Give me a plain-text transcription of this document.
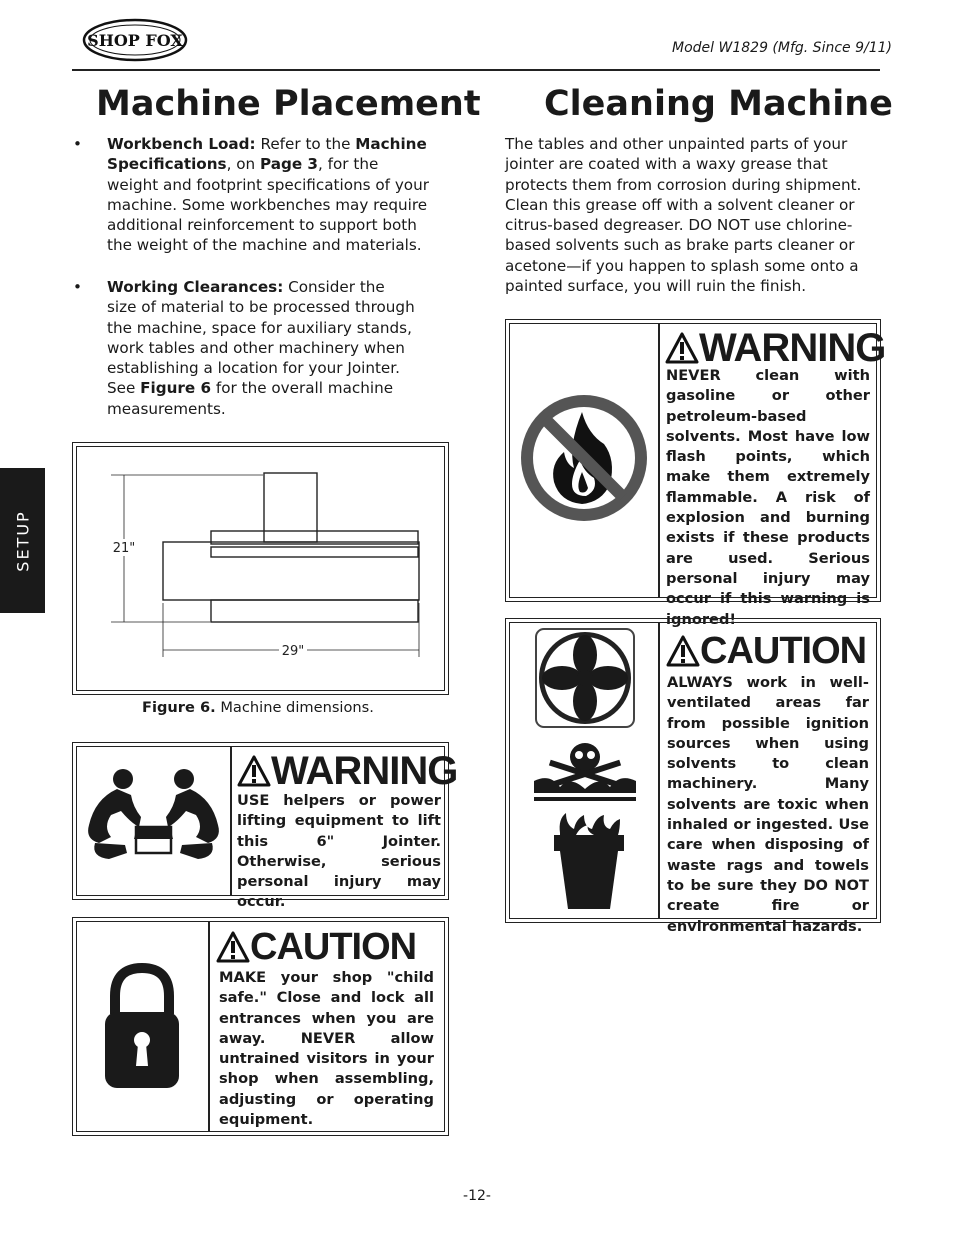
SHOP FOX	Model W1829 (Mfg. Since 9/11)
SETUP
Machine Placement
• Workbench Load: Refer to the Machine Specifications, on Page 3, for the weight and footprint specifications of your machine. Some workbenches may require additional reinforcement to support both the weight of the machine and materials.
• Working Clearances: Consider the size of material to be processed through the machine, space for auxiliary stands, work tables and other machinery when establishing a location for your Jointer. See Figure 6 for the overall machine measurements.
21"
29"
Figure 6. Machine dimensions.
WARNING
USE helpers or power lifting equipment to lift this 6" Jointer. Otherwise, serious personal injury may occur.
CAUTION
MAKE your shop "child safe." Close and lock all entrances when you are away. NEVER allow untrained visitors in your shop when assembling, adjusting or operating equipment.
Cleaning Machine
The tables and other unpainted parts of your jointer are coated with a waxy grease that protects them from corrosion during shipment. Clean this grease off with a solvent cleaner or citrus-based degreaser. DO NOT use chlorine-based solvents such as brake parts cleaner or acetone—if you happen to splash some onto a painted surface, you will ruin the finish.
WARNING
NEVER clean with gasoline or other petroleum-based solvents. Most have low flash points, which make them extremely flammable. A risk of explosion and burning exists if these products are used. Serious personal injury may occur if this warning is ignored!
CAUTION
ALWAYS work in well-ventilated areas far from possible ignition sources when using solvents to clean machinery. Many solvents are toxic when inhaled or ingested. Use care when disposing of waste rags and towels to be sure they DO NOT create fire or environmental hazards.
-12-
